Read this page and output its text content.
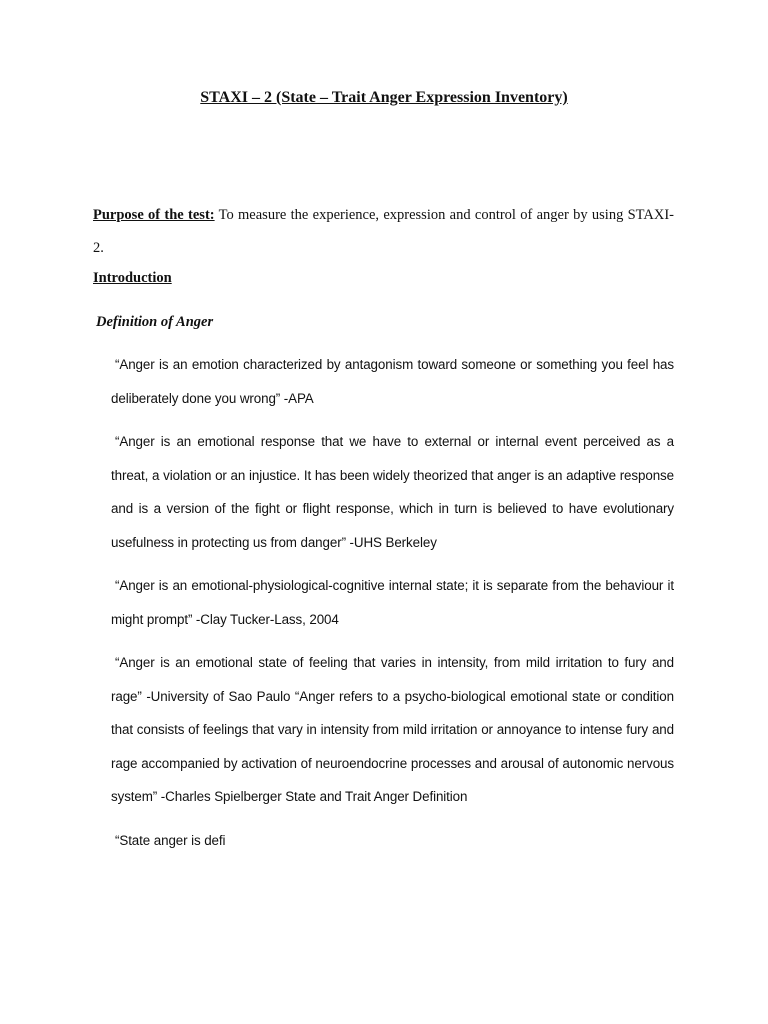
STAXI – 2 (State – Trait Anger Expression Inventory)
Purpose of the test: To measure the experience, expression and control of anger by using STAXI-2.
Introduction
Definition of Anger

“Anger is an emotion characterized by antagonism toward someone or something you feel has deliberately done you wrong” -APA

“Anger is an emotional response that we have to external or internal event perceived as a threat, a violation or an injustice. It has been widely theorized that anger is an adaptive response and is a version of the fight or flight response, which in turn is believed to have evolutionary usefulness in protecting us from danger” -UHS Berkeley

“Anger is an emotional-physiological-cognitive internal state; it is separate from the behaviour it might prompt” -Clay Tucker-Lass, 2004

“Anger is an emotional state of feeling that varies in intensity, from mild irritation to fury and rage” -University of Sao Paulo “Anger refers to a psycho-biological emotional state or condition that consists of feelings that vary in intensity from mild irritation or annoyance to intense fury and rage accompanied by activation of neuroendocrine processes and arousal of autonomic nervous system” -Charles Spielberger State and Trait Anger Definition

“State anger is defi
